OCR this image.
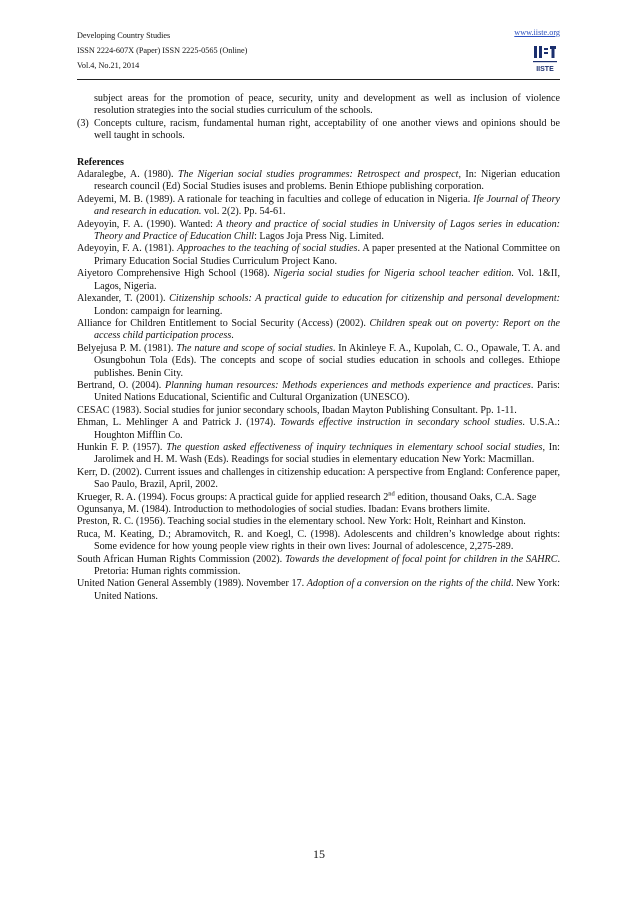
Developing Country Studies
ISSN 2224-607X (Paper) ISSN 2225-0565 (Online)
Vol.4, No.21, 2014
www.iiste.org
IISTE

subject areas for the promotion of peace, security, unity and development as well as inclusion of violence resolution strategies into the social studies curriculum of the schools.

(3) Concepts culture, racism, fundamental human right, acceptability of one another views and opinions should be well taught in schools.

References

Adaralegbe, A. (1980). The Nigerian social studies programmes: Retrospect and prospect, In: Nigerian education research council (Ed) Social Studies isuses and problems. Benin Ethiope publishing corporation.

Adeyemi, M. B. (1989). A rationale for teaching in faculties and college of education in Nigeria. Ife Journal of Theory and research in education. vol. 2(2). Pp. 54-61.

Adeyoyin, F. A. (1990). Wanted: A theory and practice of social studies in University of Lagos series in education: Theory and Practice of Education Chill: Lagos Joja Press Nig. Limited.

Adeyoyin, F. A. (1981). Approaches to the teaching of social studies. A paper presented at the National Committee on Primary Education Social Studies Curriculum Project Kano.

Aiyetoro Comprehensive High School (1968). Nigeria social studies for Nigeria school teacher edition. Vol. 1&II, Lagos, Nigeria.

Alexander, T. (2001). Citizenship schools: A practical guide to education for citizenship and personal development: London: campaign for learning.

Alliance for Children Entitlement to Social Security (Access) (2002). Children speak out on poverty: Report on the access child participation process.

Belyejusa P. M. (1981). The nature and scope of social studies. In Akinleye F. A., Kupolah, C. O., Opawale, T. A. and Osungbohun Tola (Eds). The concepts and scope of social studies education in schools and colleges. Ethiope publishes. Benin City.

Bertrand, O. (2004). Planning human resources: Methods experiences and methods experience and practices. Paris: United Nations Educational, Scientific and Cultural Organization (UNESCO).

CESAC (1983). Social studies for junior secondary schools, Ibadan Mayton Publishing Consultant. Pp. 1-11.

Ehman, L. Mehlinger A and Patrick J. (1974). Towards effective instruction in secondary school studies. U.S.A.: Houghton Mifflin Co.

Hunkin F. P. (1957). The question asked effectiveness of inquiry techniques in elementary school social studies, In: Jarolimek and H. M. Wash (Eds). Readings for social studies in elementary education New York: Macmillan.

Kerr, D. (2002). Current issues and challenges in citizenship education: A perspective from England: Conference paper, Sao Paulo, Brazil, April, 2002.

Krueger, R. A. (1994). Focus groups: A practical guide for applied research 2nd edition, thousand Oaks, C.A. Sage

Ogunsanya, M. (1984). Introduction to methodologies of social studies. Ibadan: Evans brothers limite.

Preston, R. C. (1956). Teaching social studies in the elementary school. New York: Holt, Reinhart and Kinston.

Ruca, M. Keating, D.; Abramovitch, R. and Koegl, C. (1998). Adolescents and children’s knowledge about rights: Some evidence for how young people view rights in their own lives: Journal of adolescence, 2,275-289.

South African Human Rights Commission (2002). Towards the development of focal point for children in the SAHRC. Pretoria: Human rights commission.

United Nation General Assembly (1989). November 17. Adoption of a conversion on the rights of the child. New York: United Nations.

15
